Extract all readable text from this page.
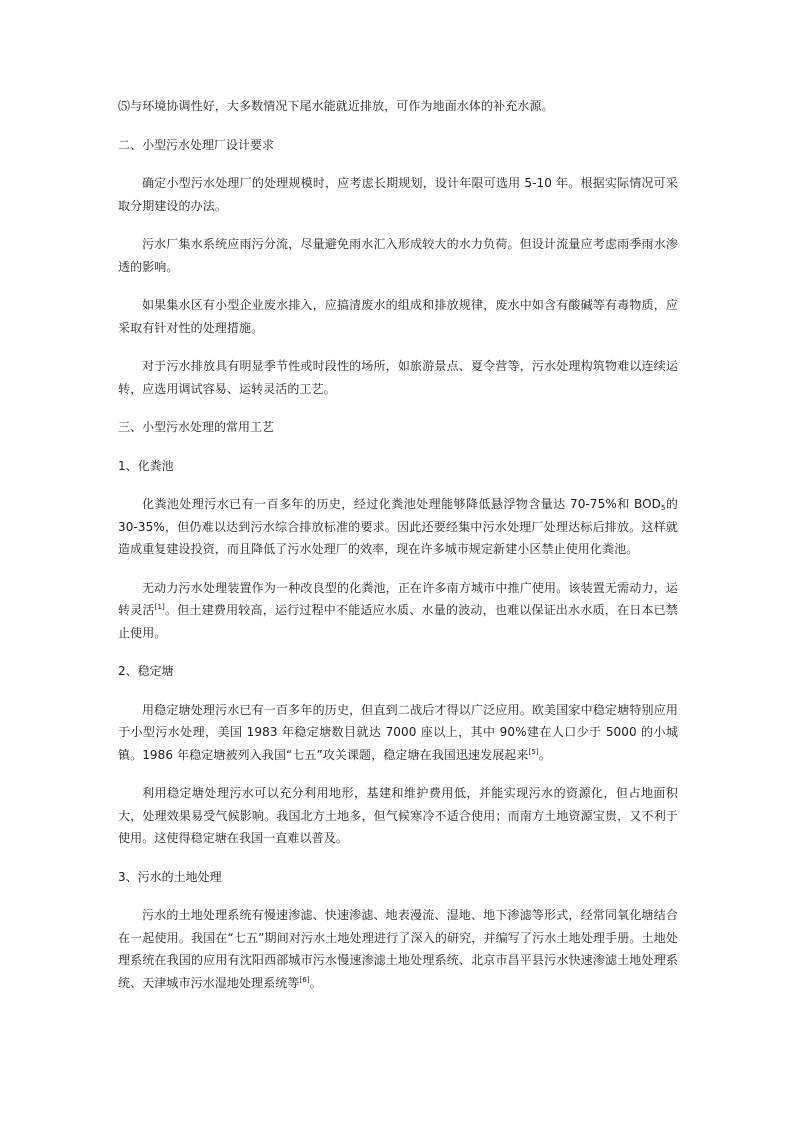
⑸与环境协调性好，大多数情况下尾水能就近排放，可作为地面水体的补充水源。

二、小型污水处理厂设计要求

确定小型污水处理厂的处理规模时，应考虑长期规划，设计年限可选用 5-10 年。根据实际情况可采取分期建设的办法。

污水厂集水系统应雨污分流，尽量避免雨水汇入形成较大的水力负荷。但设计流量应考虑雨季雨水渗透的影响。

如果集水区有小型企业废水排入，应搞清废水的组成和排放规律，废水中如含有酸碱等有毒物质，应采取有针对性的处理措施。

对于污水排放具有明显季节性或时段性的场所，如旅游景点、夏令营等，污水处理构筑物难以连续运转，应选用调试容易、运转灵活的工艺。

三、小型污水处理的常用工艺

1、化粪池

化粪池处理污水已有一百多年的历史，经过化粪池处理能够降低悬浮物含量达 70-75%和 $BOD_5$的 30-35%，但仍难以达到污水综合排放标准的要求。因此还要经集中污水处理厂处理达标后排放。这样就造成重复建设投资，而且降低了污水处理厂的效率，现在许多城市规定新建小区禁止使用化粪池。

无动力污水处理装置作为一种改良型的化粪池，正在许多南方城市中推广使用。该装置无需动力，运转灵活[1]。但土建费用较高，运行过程中不能适应水质、水量的波动，也难以保证出水水质，在日本已禁止使用。

2、稳定塘

用稳定塘处理污水已有一百多年的历史，但直到二战后才得以广泛应用。欧美国家中稳定塘特别应用于小型污水处理，美国 1983 年稳定塘数目就达 7000 座以上，其中 90%建在人口少于 5000 的小城镇。1986 年稳定塘被列入我国“七五”攻关课题，稳定塘在我国迅速发展起来[5]。

利用稳定塘处理污水可以充分利用地形，基建和维护费用低，并能实现污水的资源化，但占地面积大，处理效果易受气候影响。我国北方土地多，但气候寒冷不适合使用；而南方土地资源宝贵，又不利于使用。这使得稳定塘在我国一直难以普及。

3、污水的土地处理

污水的土地处理系统有慢速渗滤、快速渗滤、地表漫流、湿地、地下渗滤等形式，经常同氧化塘结合在一起使用。我国在“七五”期间对污水土地处理进行了深入的研究，并编写了污水土地处理手册。土地处理系统在我国的应用有沈阳西部城市污水慢速渗滤土地处理系统、北京市昌平县污水快速渗滤土地处理系统、天津城市污水湿地处理系统等[6]。
